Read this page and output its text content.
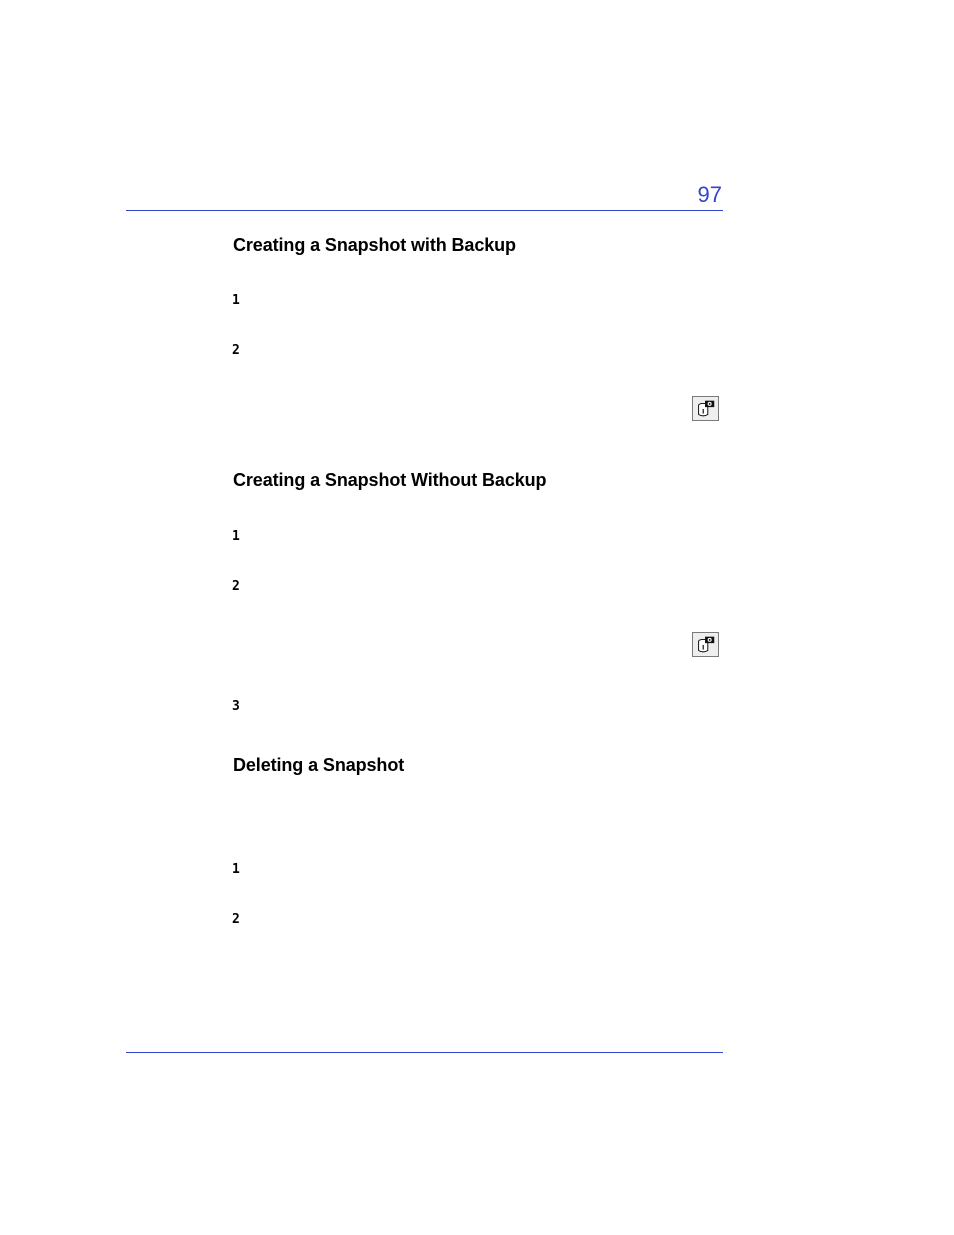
97
Creating a Snapshot with Backup
1
2
Creating a Snapshot Without Backup
1
2
3
Deleting a Snapshot
1
2
